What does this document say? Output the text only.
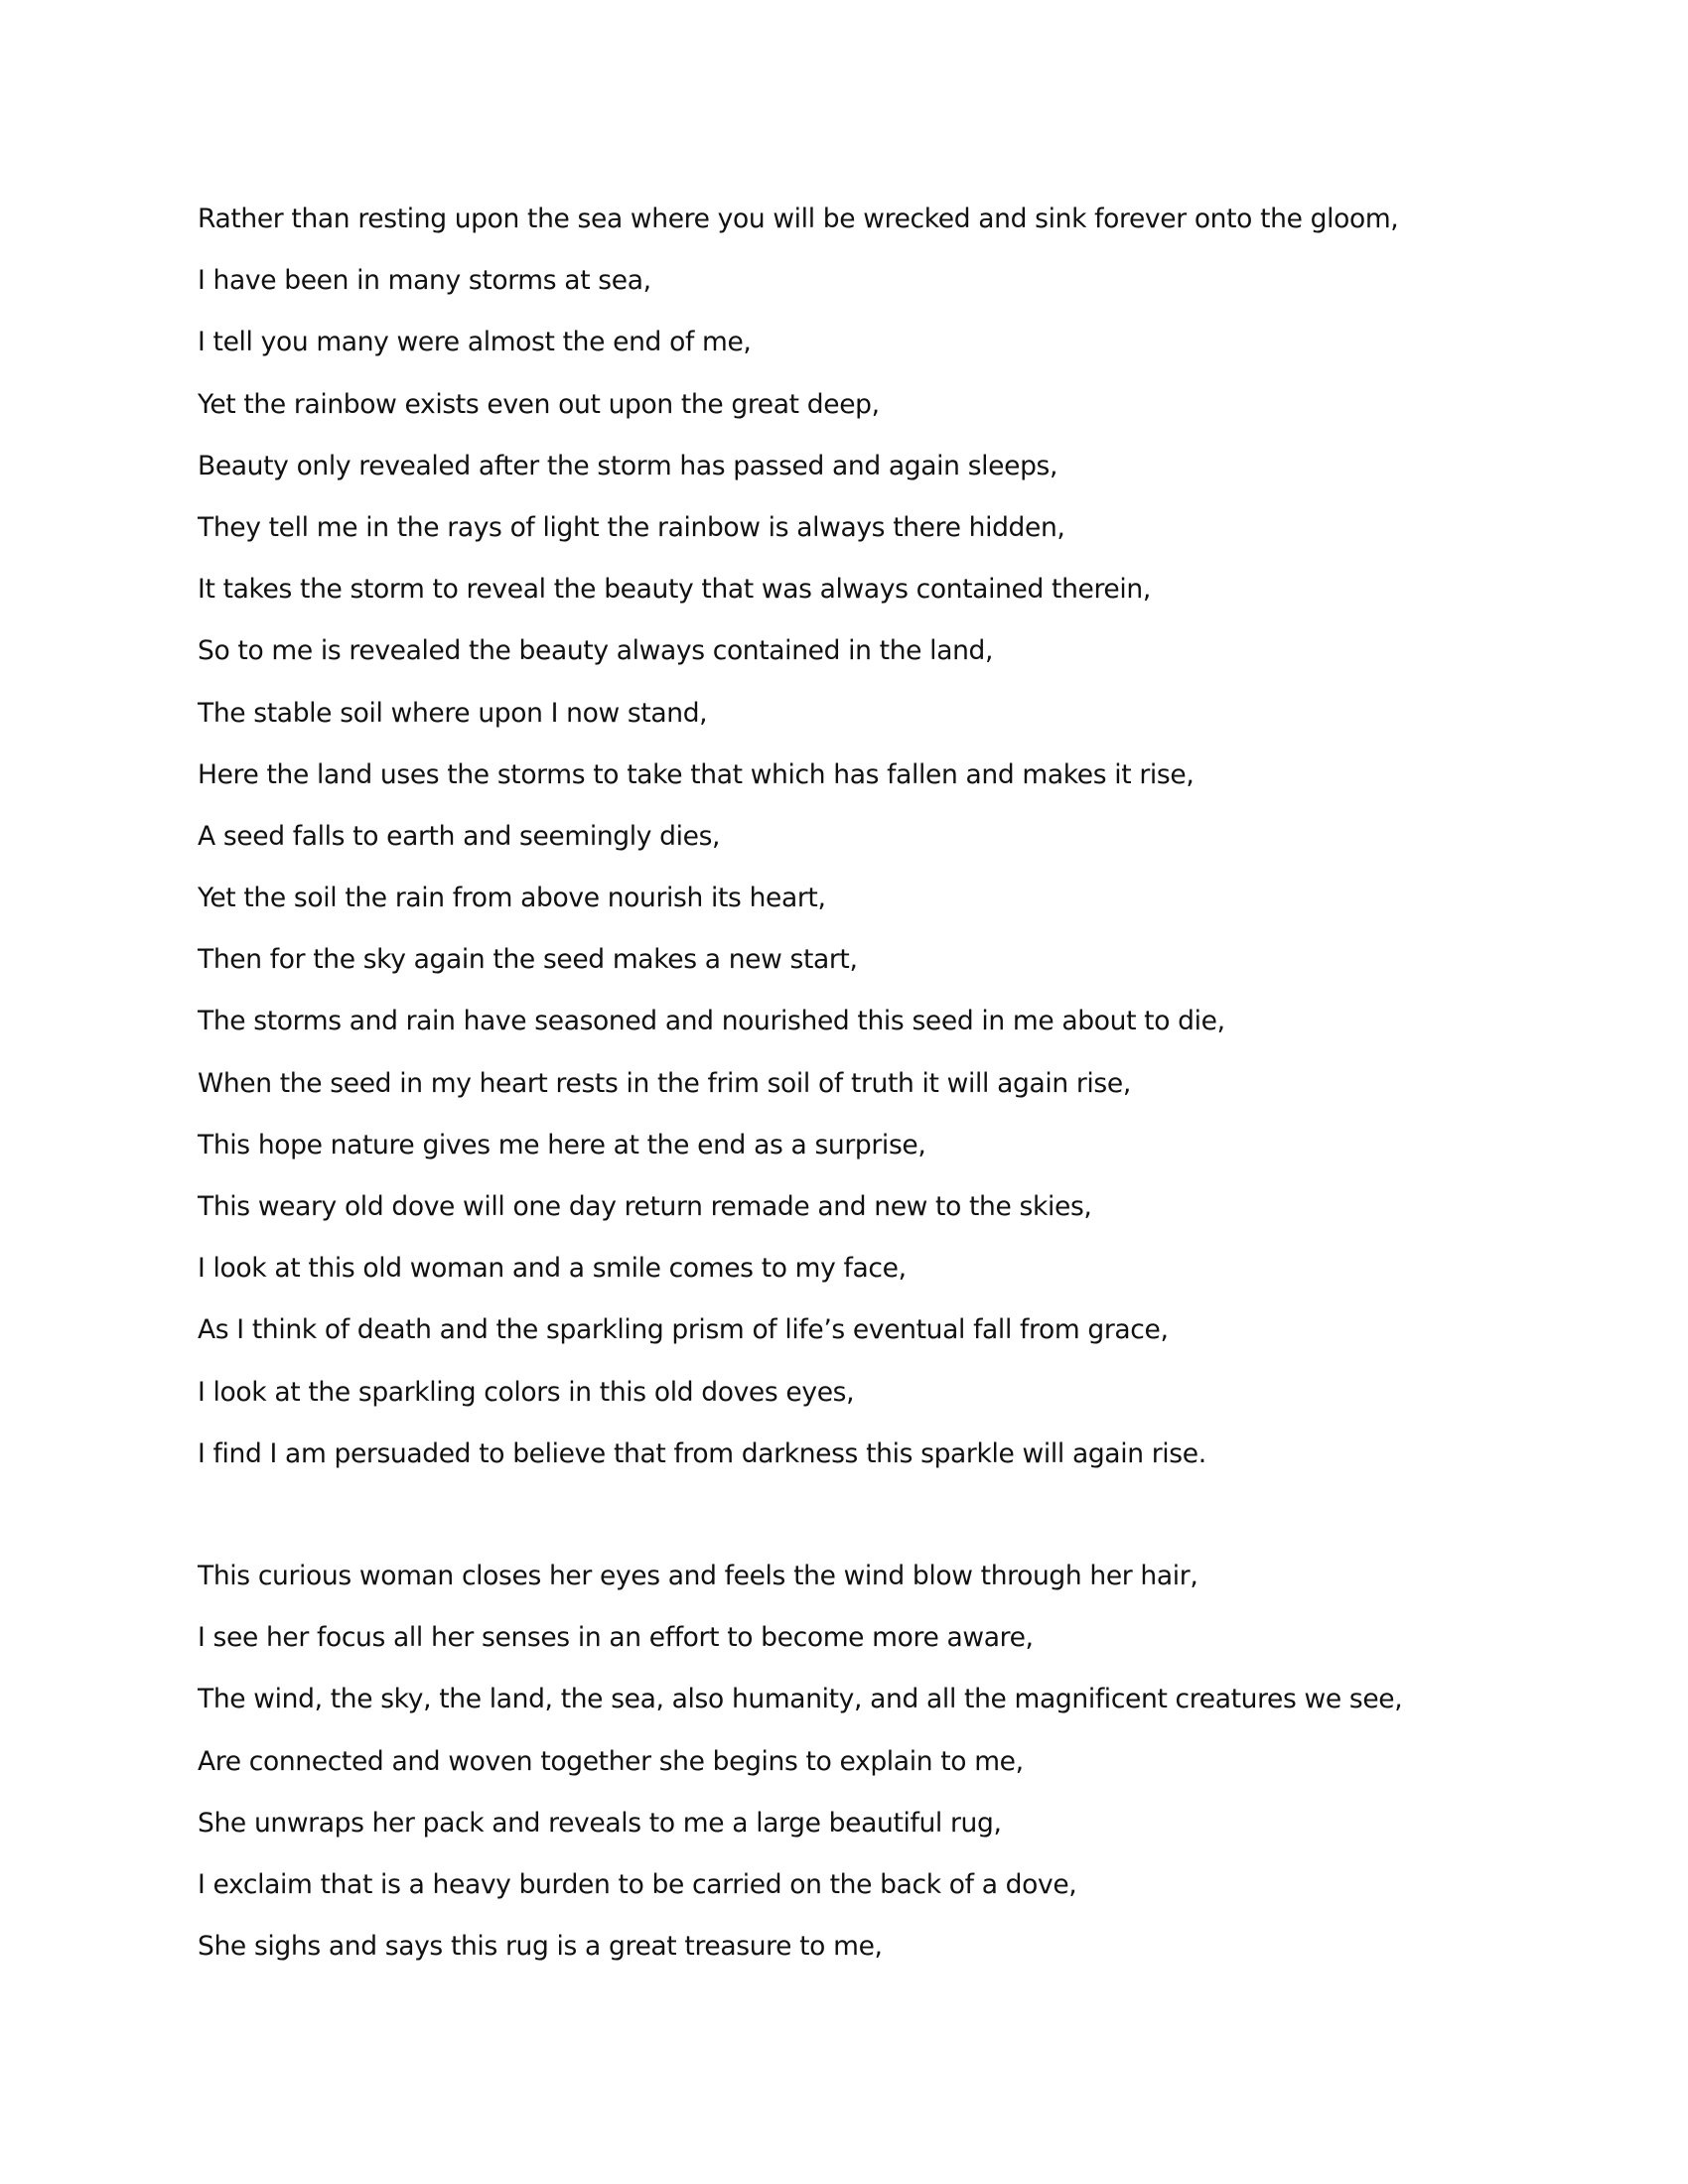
Rather than resting upon the sea where you will be wrecked and sink forever onto the gloom,
I have been in many storms at sea,
I tell you many were almost the end of me,
Yet the rainbow exists even out upon the great deep,
Beauty only revealed after the storm has passed and again sleeps,
They tell me in the rays of light the rainbow is always there hidden,
It takes the storm to reveal the beauty that was always contained therein,
So to me is revealed the beauty always contained in the land,
The stable soil where upon I now stand,
Here the land uses the storms to take that which has fallen and makes it rise,
A seed falls to earth and seemingly dies,
Yet the soil the rain from above nourish its heart,
Then for the sky again the seed makes a new start,
The storms and rain have seasoned and nourished this seed in me about to die,
When the seed in my heart rests in the frim soil of truth it will again rise,
This hope nature gives me here at the end as a surprise,
This weary old dove will one day return remade and new to the skies,
I look at this old woman and a smile comes to my face,
As I think of death and the sparkling prism of life’s eventual fall from grace,
I look at the sparkling colors in this old doves eyes,
I find I am persuaded to believe that from darkness this sparkle will again rise.
This curious woman closes her eyes and feels the wind blow through her hair,
I see her focus all her senses in an effort to become more aware,
The wind, the sky, the land, the sea, also humanity, and all the magnificent creatures we see,
Are connected and woven together she begins to explain to me,
She unwraps her pack and reveals to me a large beautiful rug,
I exclaim that is a heavy burden to be carried on the back of a dove,
She sighs and says this rug is a great treasure to me,
